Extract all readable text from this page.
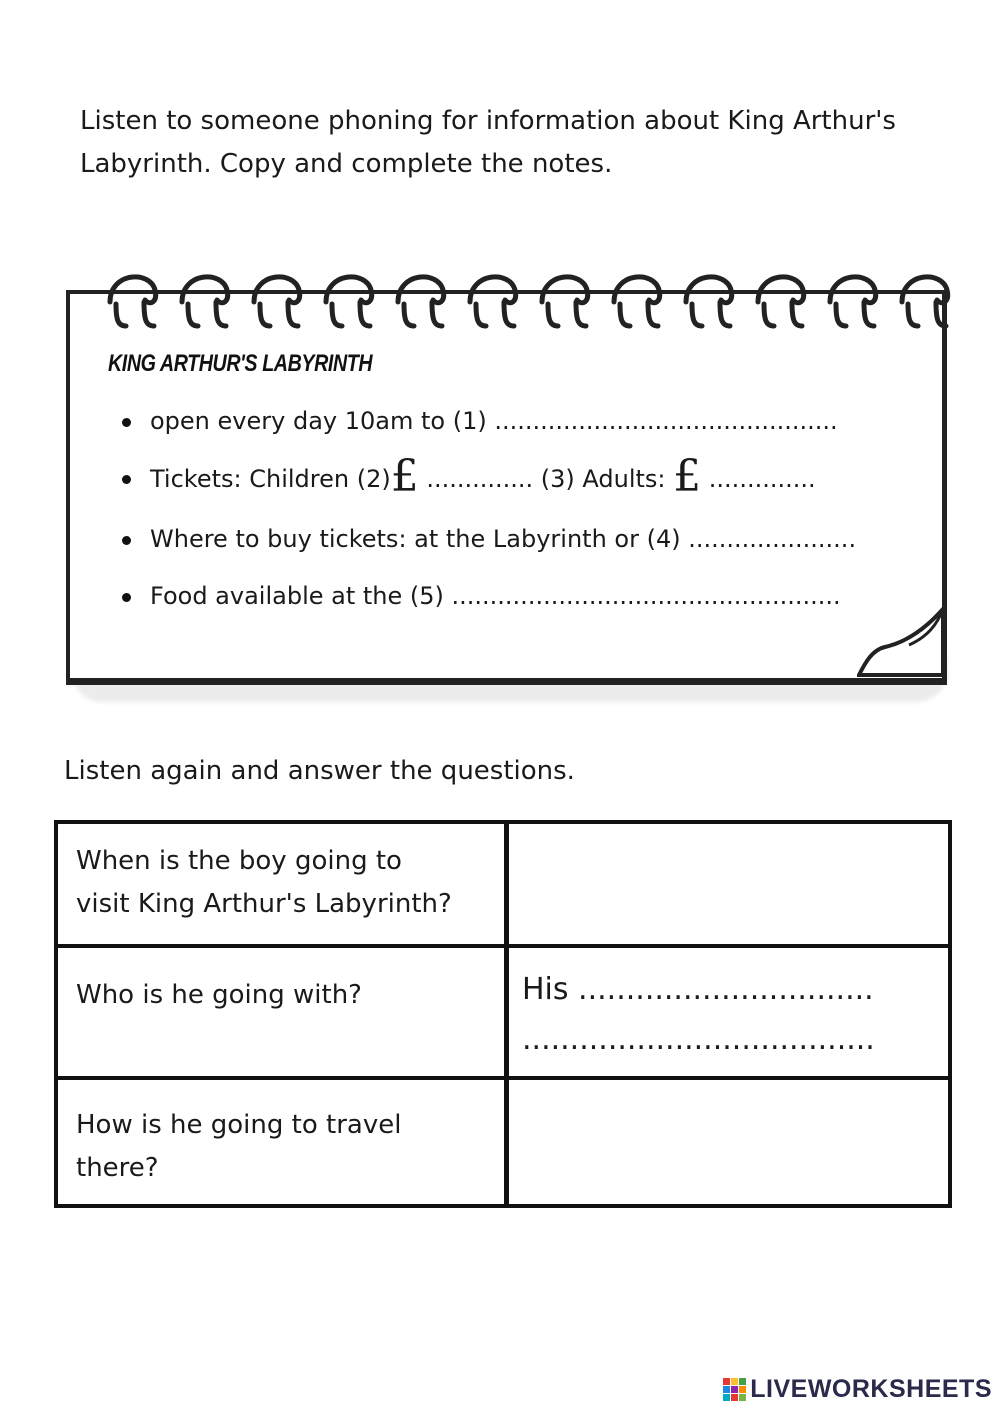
Listen to someone phoning for information about King Arthur's
Labyrinth. Copy and complete the notes.
KING ARTHUR'S LABYRINTH
open every day 10am to (1) .............................................
Tickets: Children (2)£ .............. (3) Adults: £ ..............
Where to buy tickets: at the Labyrinth or (4) ......................
Food available at the (5) ...................................................

Listen again and answer the questions.

When is the boy going to
visit King Arthur's Labyrinth?
Who is he going with?	His ...............................
.....................................
How is he going to travel
there?
LIVEWORKSHEETS
